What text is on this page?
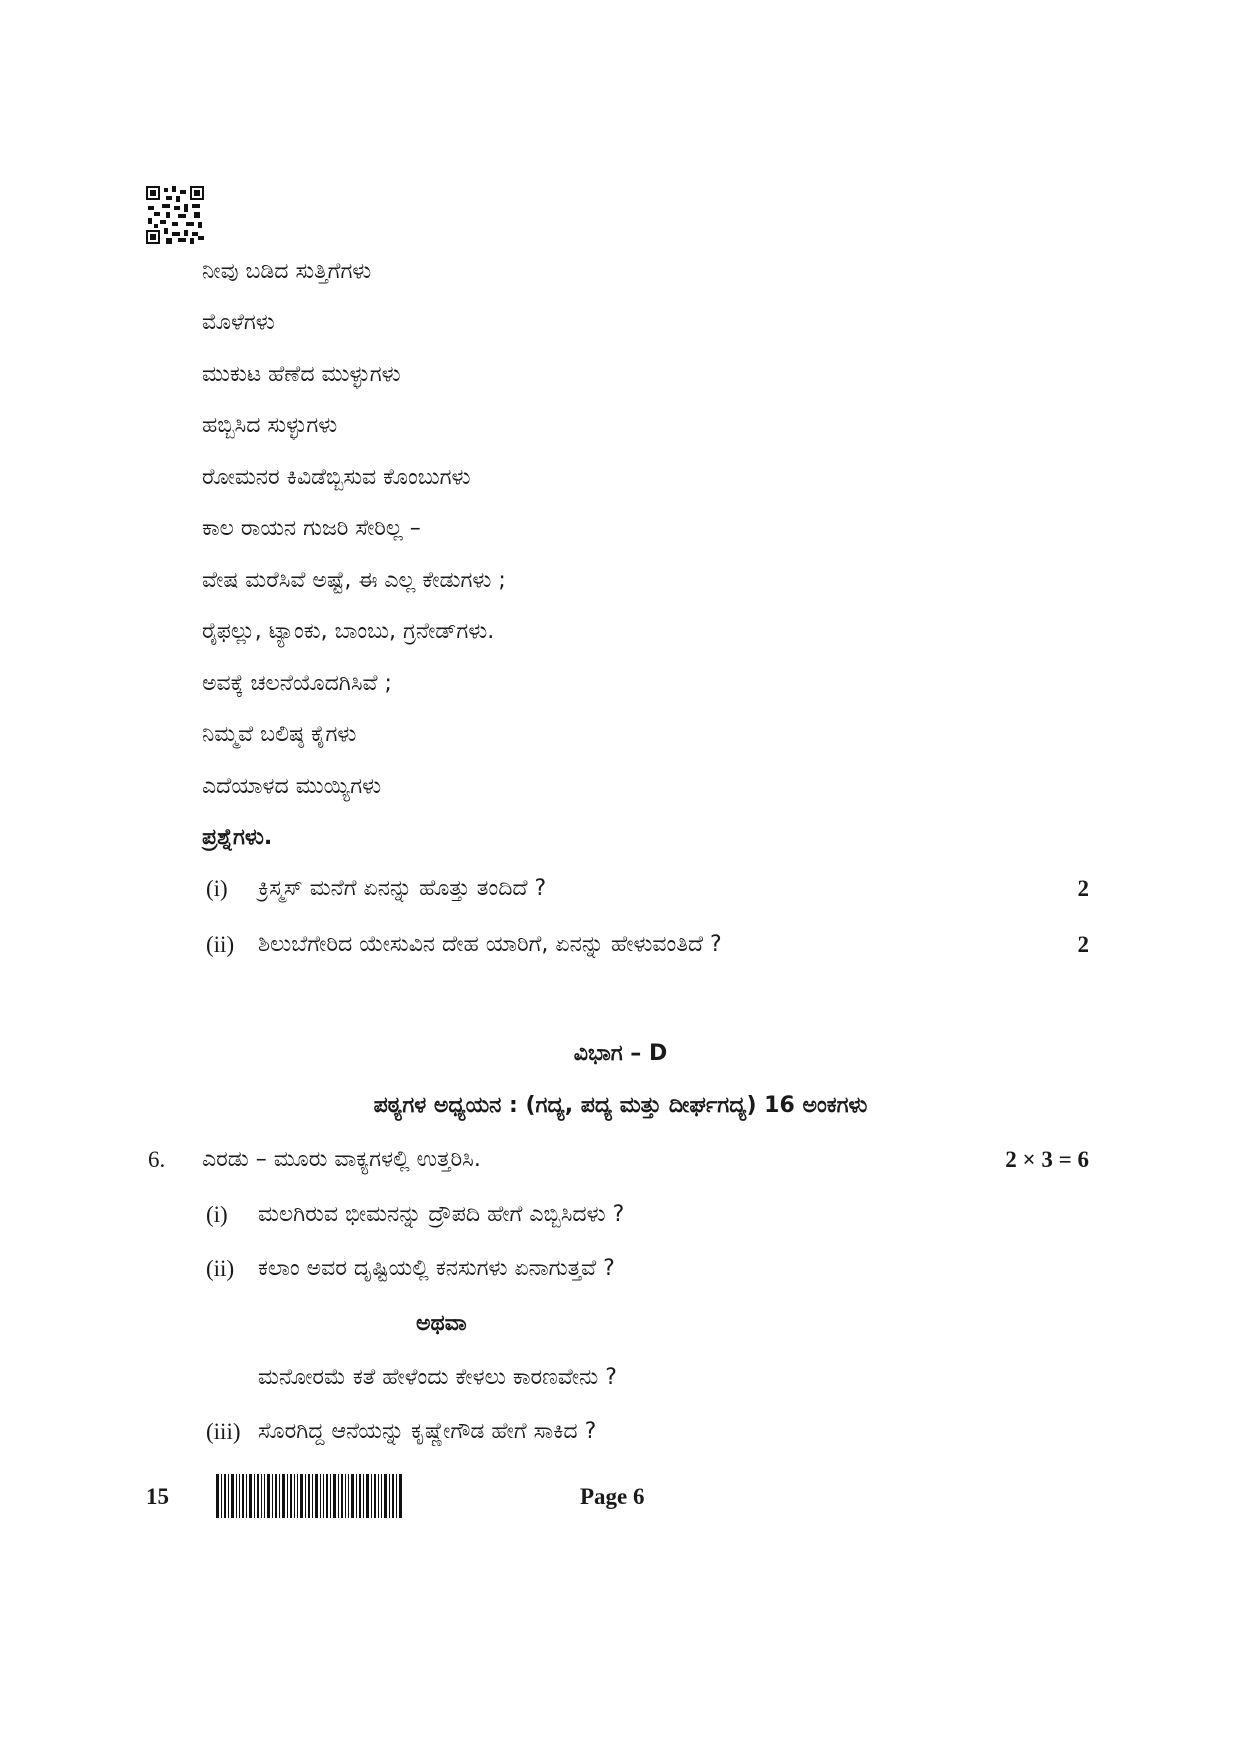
ನೀವು ಬಡಿದ ಸುತ್ತಿಗೆಗಳು
ಮೊಳೆಗಳು
ಮುಕುಟ ಹೆಣೆದ ಮುಳ್ಳುಗಳು
ಹಬ್ಬಿಸಿದ ಸುಳ್ಳುಗಳು
ರೋಮನರ ಕಿವಿಡೆಬ್ಬಿಸುವ ಕೊಂಬುಗಳು
ಕಾಲ ರಾಯನ ಗುಜರಿ ಸೇರಿಲ್ಲ –
ವೇಷ ಮರೆಸಿವೆ ಅಷ್ಟೆ, ಈ ಎಲ್ಲ ಕೇಡುಗಳು ;
ರೈಫಲ್ಲು, ಟ್ಯಾಂಕು, ಬಾಂಬು, ಗ್ರನೇಡ್‌ಗಳು.
ಅವಕ್ಕೆ ಚಲನೆಯೊದಗಿಸಿವೆ ;
ನಿಮ್ಮವೆ ಬಲಿಷ್ಠ ಕೈಗಳು
ಎದೆಯಾಳದ ಮುಯ್ಯಿಗಳು
ಪ್ರಶ್ನೆಗಳು.
(i) ಕ್ರಿಸ್ಮಸ್ ಮನೆಗೆ ಏನನ್ನು ಹೊತ್ತು ತಂದಿದೆ ?	2
(ii) ಶಿಲುಬೆಗೇರಿದ ಯೇಸುವಿನ ದೇಹ ಯಾರಿಗೆ, ಏನನ್ನು ಹೇಳುವಂತಿದೆ ?	2
ವಿಭಾಗ – D
ಪಠ್ಯಗಳ ಅಧ್ಯಯನ : (ಗದ್ಯ, ಪದ್ಯ ಮತ್ತು ದೀರ್ಘಗದ್ಯ) 16 ಅಂಕಗಳು
6. ಎರಡು – ಮೂರು ವಾಕ್ಯಗಳಲ್ಲಿ ಉತ್ತರಿಸಿ.	2 × 3 = 6
(i) ಮಲಗಿರುವ ಭೀಮನನ್ನು ದ್ರೌಪದಿ ಹೇಗೆ ಎಬ್ಬಿಸಿದಳು ?
(ii) ಕಲಾಂ ಅವರ ದೃಷ್ಟಿಯಲ್ಲಿ ಕನಸುಗಳು ಏನಾಗುತ್ತವೆ ?
ಅಥವಾ
ಮನೋರಮೆ ಕತೆ ಹೇಳೆಂದು ಕೇಳಲು ಕಾರಣವೇನು ?
(iii) ಸೊರಗಿದ್ದ ಆನೆಯನ್ನು ಕೃಷ್ಣೇಗೌಡ ಹೇಗೆ ಸಾಕಿದ ?
15	Page 6
